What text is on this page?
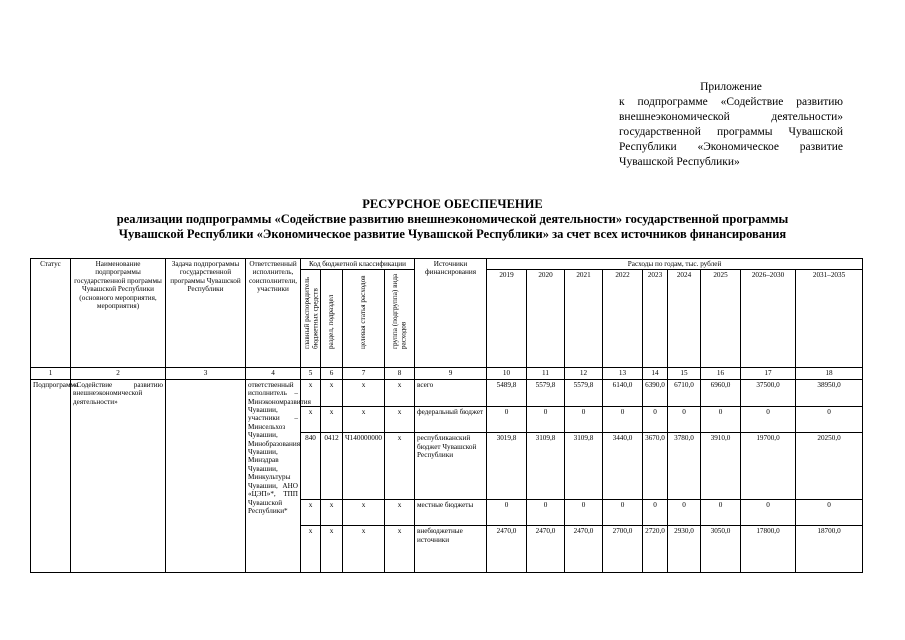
Приложение
к подпрограмме «Содействие развитию внешнеэкономической деятельности» государственной программы Чувашской Республики «Экономическое развитие Чувашской Республики»
РЕСУРСНОЕ ОБЕСПЕЧЕНИЕ
реализации подпрограммы «Содействие развитию внешнеэкономической деятельности» государственной программы
Чувашской Республики «Экономическое развитие Чувашской Республики» за счет всех источников финансирования
Статус	Наименование подпрограммы государственной программы Чувашской Республики (основного мероприятия, мероприятия)	Задача подпрограммы государственной программы Чувашской Республики	Ответственный исполнитель, соисполнители, участники	Код бюджетной классификации				Источники финансирования	Расходы по годам, тыс. рублей								

				главный распорядитель бюджетных средств	раздел, подраздел	целевая статья расходов	группа (подгруппа) вида расходов		2019	2020	2021	2022	2023	2024	2025	2026–2030	2031–2035
1	2	3	4	5	6	7	8	9	10	11	12	13	14	15	16	17	18
Подпрограмма	«Содействие развитию внешнеэкономической деятельности»		ответственный исполнитель – Минэкономразвития Чувашии, участники – Минсельхоз Чувашии, Минобразования Чувашии, Минздрав Чувашии, Минкультуры Чувашии, АНО «ЦЭП»*, ТПП Чувашской Республики*	x	x	x	x	всего	5489,8	5579,8	5579,8	6140,0	6390,0	6710,0	6960,0	37500,0	38950,0
				x	x	x	x	федеральный бюджет	0	0	0	0	0	0	0	0	0
				840	0412	Ч140000000	x	республиканский бюджет Чувашской Республики	3019,8	3109,8	3109,8	3440,0	3670,0	3780,0	3910,0	19700,0	20250,0
				x	x	x	x	местные бюджеты	0	0	0	0	0	0	0	0	0
				x	x	x	x	внебюджетные источники	2470,0	2470,0	2470,0	2700,0	2720,0	2930,0	3050,0	17800,0	18700,0
